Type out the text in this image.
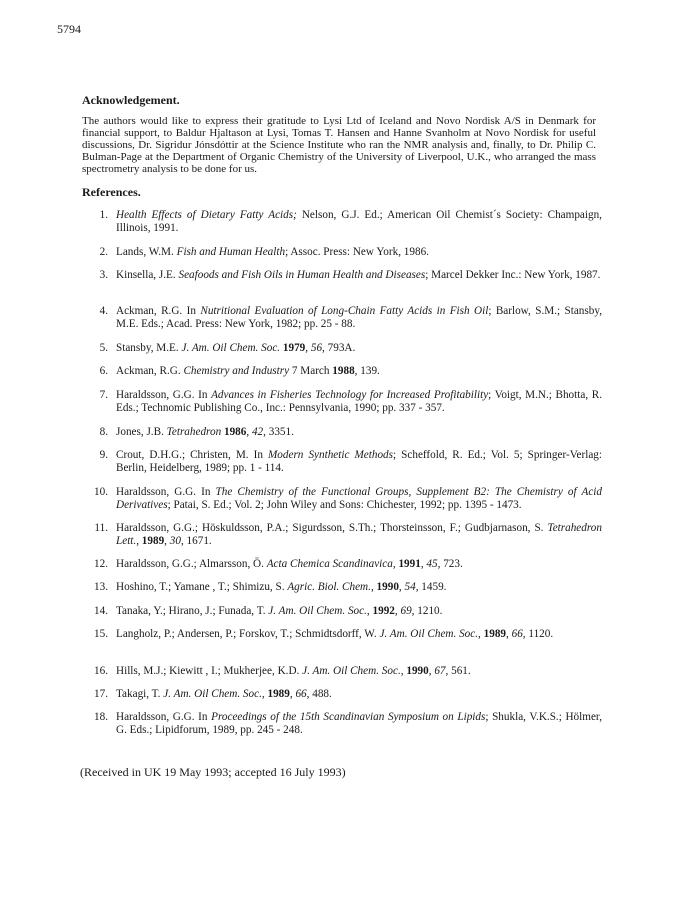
5794
Acknowledgement.
The authors would like to express their gratitude to Lysi Ltd of Iceland and Novo Nordisk A/S in Denmark for financial support, to Baldur Hjaltason at Lysi, Tomas T. Hansen and Hanne Svanholm at Novo Nordisk for useful discussions, Dr. Sigridur Jónsdóttir at the Science Institute who ran the NMR analysis and, finally, to Dr. Philip C. Bulman-Page at the Department of Organic Chemistry of the University of Liverpool, U.K., who arranged the mass spectrometry analysis to be done for us.
References.
1. Health Effects of Dietary Fatty Acids; Nelson, G.J. Ed.; American Oil Chemist´s Society: Champaign, Illinois, 1991.
2. Lands, W.M. Fish and Human Health; Assoc. Press: New York, 1986.
3. Kinsella, J.E. Seafoods and Fish Oils in Human Health and Diseases; Marcel Dekker Inc.: New York, 1987.
4. Ackman, R.G. In Nutritional Evaluation of Long-Chain Fatty Acids in Fish Oil; Barlow, S.M.; Stansby, M.E. Eds.; Acad. Press: New York, 1982; pp. 25 - 88.
5. Stansby, M.E. J. Am. Oil Chem. Soc. 1979, 56, 793A.
6. Ackman, R.G. Chemistry and Industry 7 March 1988, 139.
7. Haraldsson, G.G. In Advances in Fisheries Technology for Increased Profitability; Voigt, M.N.; Bhotta, R. Eds.; Technomic Publishing Co., Inc.: Pennsylvania, 1990; pp. 337 - 357.
8. Jones, J.B. Tetrahedron 1986, 42, 3351.
9. Crout, D.H.G.; Christen, M. In Modern Synthetic Methods; Scheffold, R. Ed.; Vol. 5; Springer-Verlag: Berlin, Heidelberg, 1989; pp. 1 - 114.
10. Haraldsson, G.G. In The Chemistry of the Functional Groups, Supplement B2: The Chemistry of Acid Derivatives; Patai, S. Ed.; Vol. 2; John Wiley and Sons: Chichester, 1992; pp. 1395 - 1473.
11. Haraldsson, G.G.; Höskuldsson, P.A.; Sigurdsson, S.Th.; Thorsteinsson, F.; Gudbjarnason, S. Tetrahedron Lett., 1989, 30, 1671.
12. Haraldsson, G.G.; Almarsson, Ö. Acta Chemica Scandinavica, 1991, 45, 723.
13. Hoshino, T.; Yamane , T.; Shimizu, S. Agric. Biol. Chem., 1990, 54, 1459.
14. Tanaka, Y.; Hirano, J.; Funada, T. J. Am. Oil Chem. Soc., 1992, 69, 1210.
15. Langholz, P.; Andersen, P.; Forskov, T.; Schmidtsdorff, W. J. Am. Oil Chem. Soc., 1989, 66, 1120.
16. Hills, M.J.; Kiewitt , I.; Mukherjee, K.D. J. Am. Oil Chem. Soc., 1990, 67, 561.
17. Takagi, T. J. Am. Oil Chem. Soc., 1989, 66, 488.
18. Haraldsson, G.G. In Proceedings of the 15th Scandinavian Symposium on Lipids; Shukla, V.K.S.; Hölmer, G. Eds.; Lipidforum, 1989, pp. 245 - 248.
(Received in UK 19 May 1993; accepted 16 July 1993)
